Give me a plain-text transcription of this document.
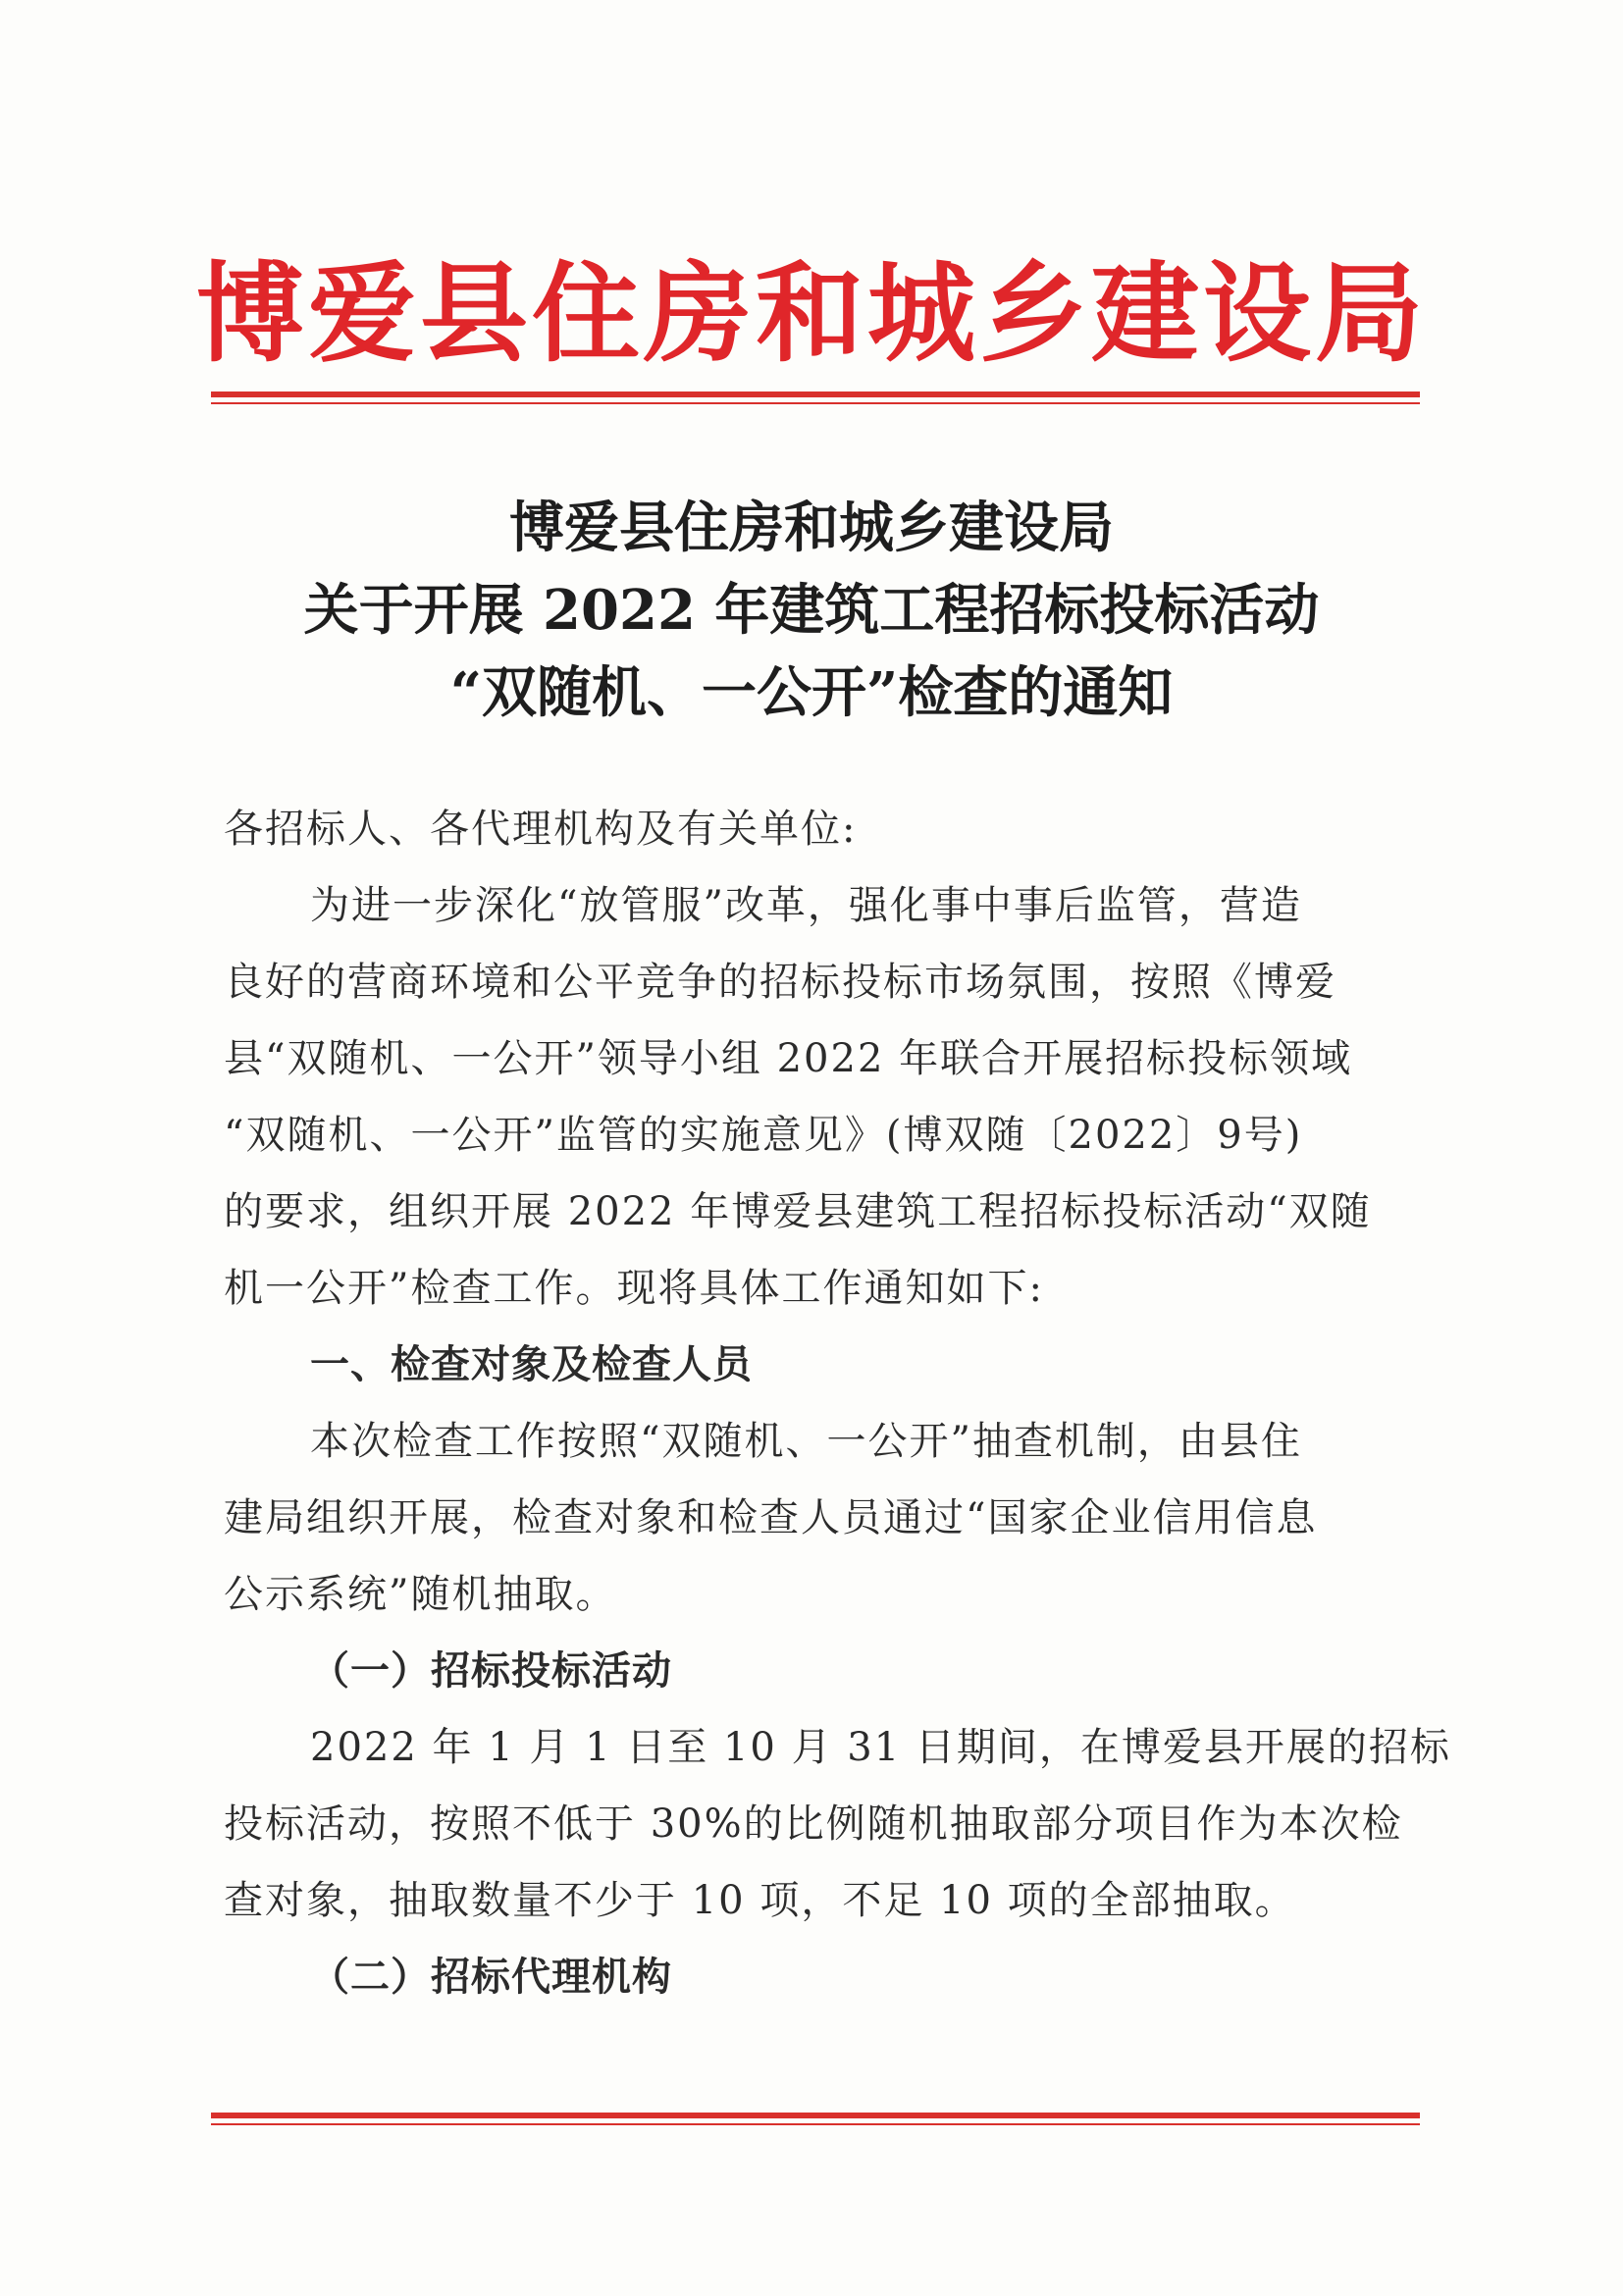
博爱县住房和城乡建设局
博爱县住房和城乡建设局
关于开展 2022 年建筑工程招标投标活动
“双随机、一公开”检查的通知
各招标人、各代理机构及有关单位:
为进一步深化“放管服”改革，强化事中事后监管，营造
良好的营商环境和公平竞争的招标投标市场氛围，按照《博爱
县“双随机、一公开”领导小组 2022 年联合开展招标投标领域
“双随机、一公开”监管的实施意见》(博双随〔2022〕9号)
的要求，组织开展 2022 年博爱县建筑工程招标投标活动“双随
机一公开”检查工作。现将具体工作通知如下:
一、检查对象及检查人员
本次检查工作按照“双随机、一公开”抽查机制，由县住
建局组织开展，检查对象和检查人员通过“国家企业信用信息
公示系统”随机抽取。
（一）招标投标活动
2022 年 1 月 1 日至 10 月 31 日期间，在博爱县开展的招标
投标活动，按照不低于 30%的比例随机抽取部分项目作为本次检
查对象，抽取数量不少于 10 项，不足 10 项的全部抽取。
（二）招标代理机构
